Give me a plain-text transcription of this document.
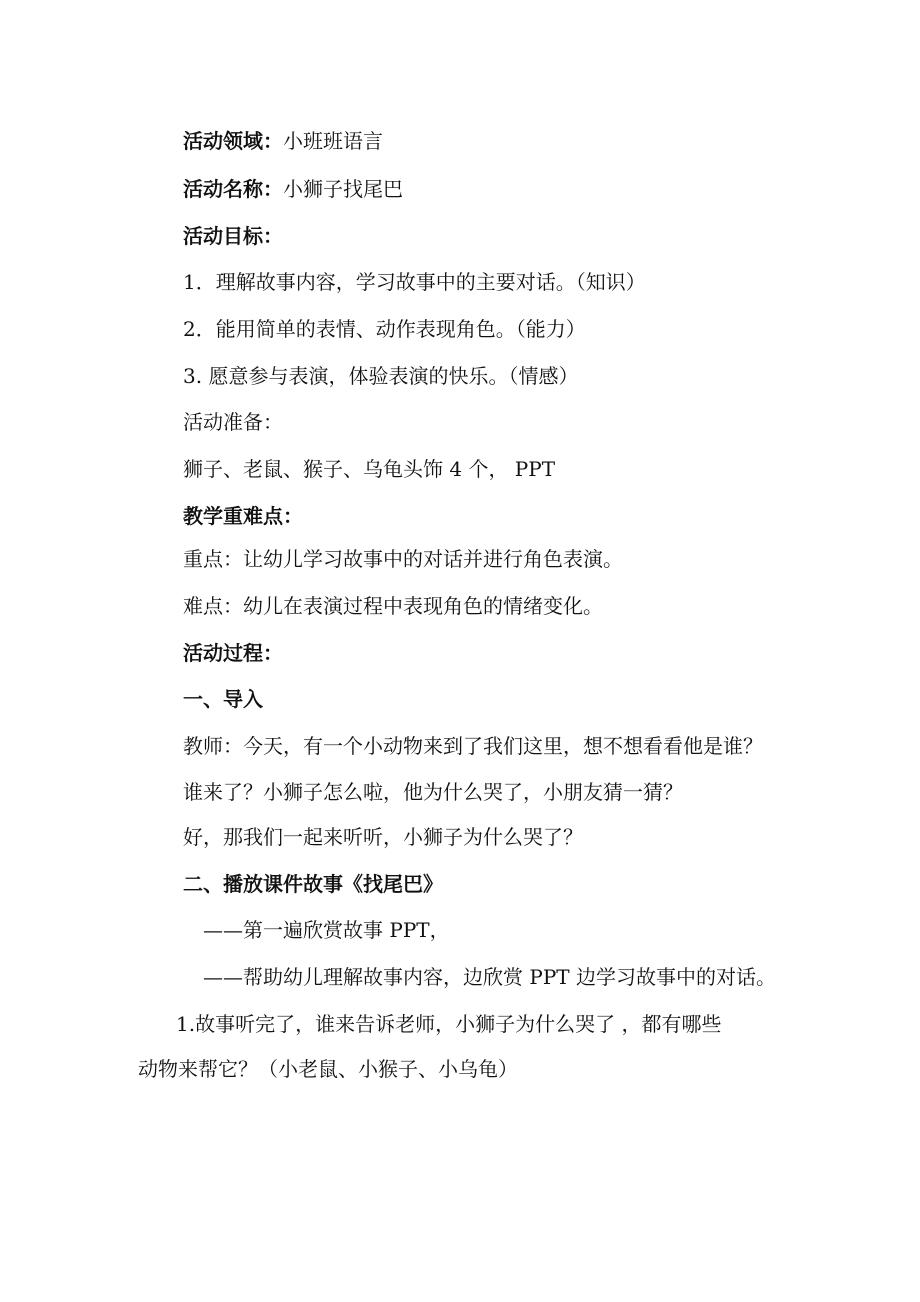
活动领域：小班班语言
活动名称：小狮子找尾巴
活动目标：
1．理解故事内容，学习故事中的主要对话。（知识）
2．能用简单的表情、动作表现角色。（能力）
3. 愿意参与表演，体验表演的快乐。（情感）
活动准备：
狮子、老鼠、猴子、乌龟头饰 4 个， PPT
教学重难点：
重点：让幼儿学习故事中的对话并进行角色表演。
难点：幼儿在表演过程中表现角色的情绪变化。
活动过程：
一、导入
教师：今天，有一个小动物来到了我们这里，想不想看看他是谁？
谁来了？小狮子怎么啦，他为什么哭了，小朋友猜一猜？
好，那我们一起来听听，小狮子为什么哭了？
二、播放课件故事《找尾巴》
——第一遍欣赏故事 PPT，
——帮助幼儿理解故事内容，边欣赏 PPT 边学习故事中的对话。
1.故事听完了，谁来告诉老师，小狮子为什么哭了 ，都有哪些
动物来帮它？（小老鼠、小猴子、小乌龟）
